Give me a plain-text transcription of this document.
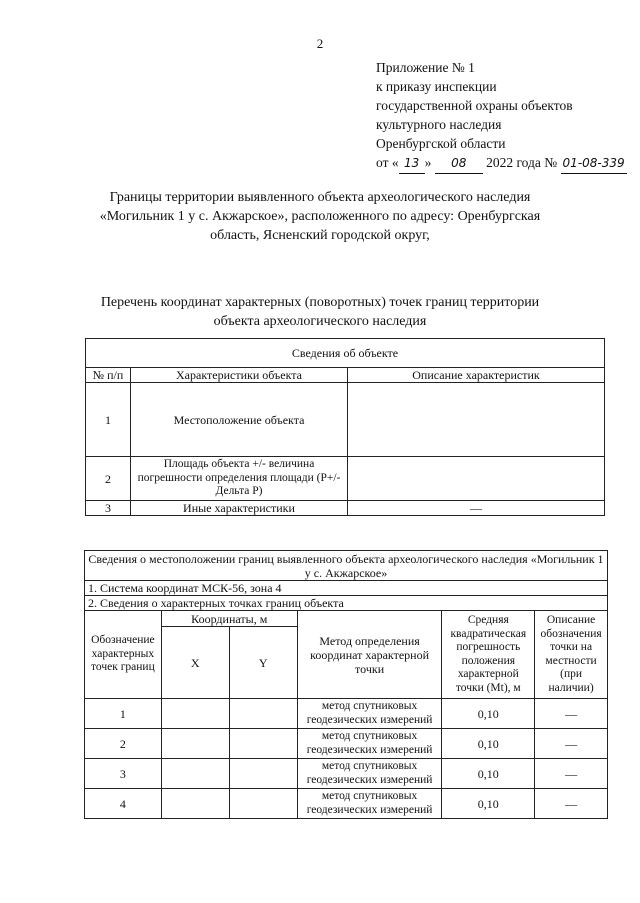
2
Приложение № 1
к приказу инспекции
государственной охраны объектов
культурного наследия
Оренбургской области
от « 13 » 08 2022 года № 01-08-339
Границы территории выявленного объекта археологического наследия
«Могильник 1 у с. Акжарское», расположенного по адресу: Оренбургская
область, Ясненский городской округ,
Перечень координат характерных (поворотных) точек границ территории
объекта археологического наследия
Сведения об объекте		
№ п/п	Характеристики объекта	Описание характеристик
1	Местоположение объекта	
2	Площадь объекта +/- величина погрешности определения площади (Р+/- Дельта Р)	
3	Иные характеристики	—
Сведения о местоположении границ выявленного объекта археологического наследия «Могильник 1 у с. Акжарское»					
1. Система координат МСК-56, зона 4					
2. Сведения о характерных точках границ объекта					
Обозначение характерных точек границ	Координаты, м		Метод определения координат характерной точки	Средняя квадратическая погрешность положения характерной точки (Mt), м	Описание обозначения точки на местности (при наличии)
	X	Y			
1			метод спутниковых геодезических измерений	0,10	—
2			метод спутниковых геодезических измерений	0,10	—
3			метод спутниковых геодезических измерений	0,10	—
4			метод спутниковых геодезических измерений	0,10	—
